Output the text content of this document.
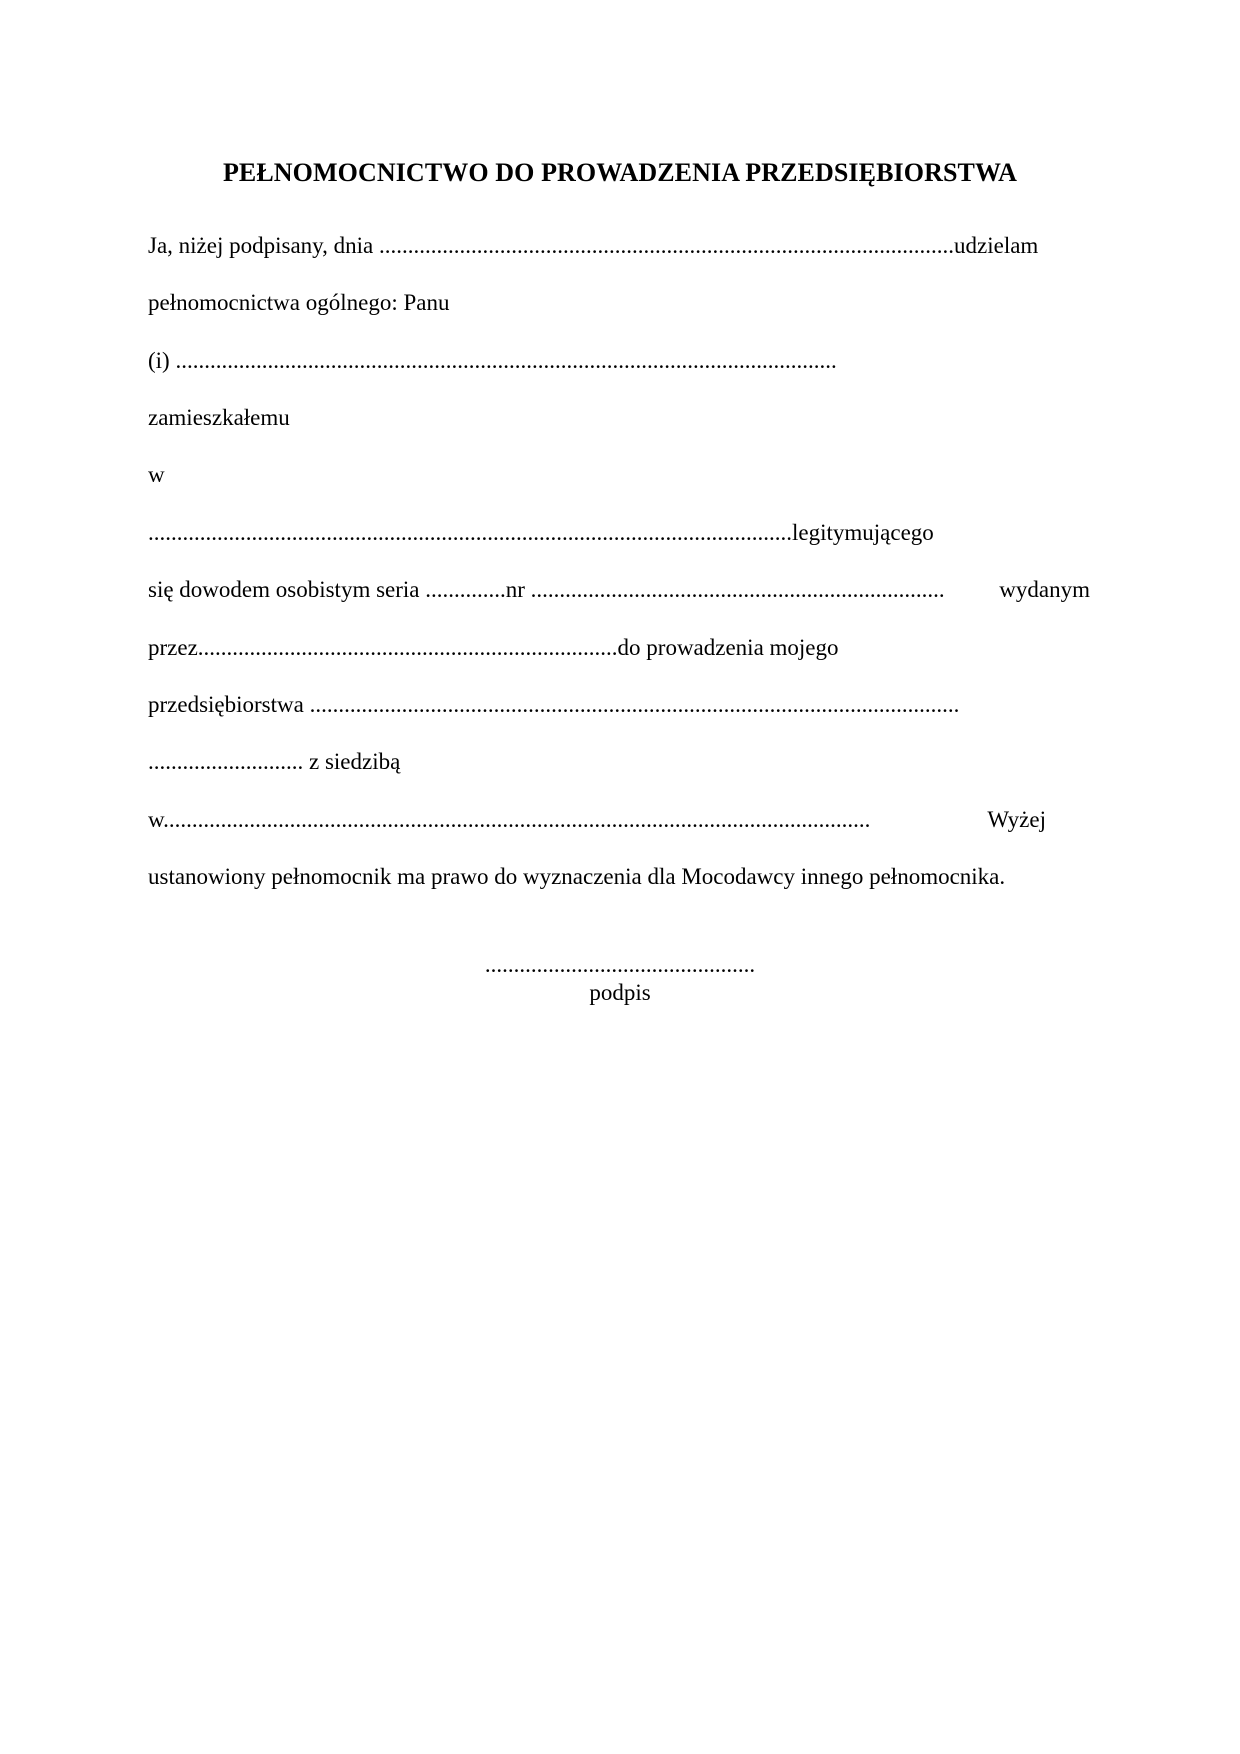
PEŁNOMOCNICTWO DO PROWADZENIA PRZEDSIĘBIORSTWA
Ja, niżej podpisany, dnia ....................................................................................................udzielam
pełnomocnictwa ogólnego: Panu
(i) ...................................................................................................................
zamieszkałemu
w
................................................................................................................legitymującego
się dowodem osobistym seria ..............nr ........................................................................ wydanym
przez.........................................................................do prowadzenia mojego
przedsiębiorstwa .................................................................................................................
........................... z siedzibą
w...........................................................................................................................	Wyżej
ustanowiony pełnomocnik ma prawo do wyznaczenia dla Mocodawcy innego pełnomocnika.
...............................................
podpis
